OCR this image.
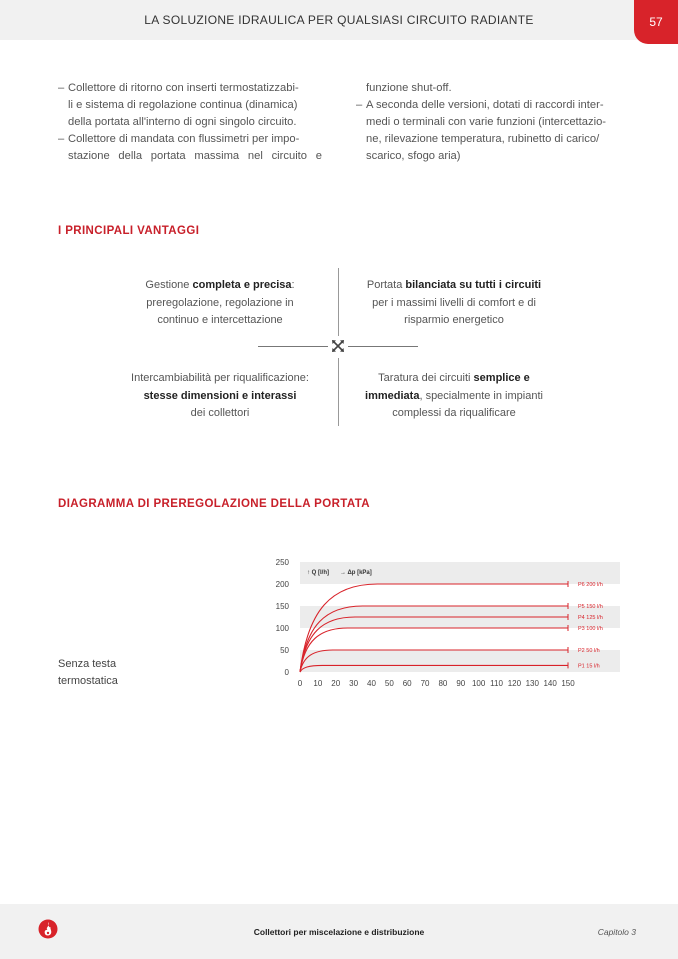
LA SOLUZIONE IDRAULICA PER QUALSIASI CIRCUITO RADIANTE	57
– Collettore di ritorno con inserti termostatizzabi-
li e sistema di regolazione continua (dinamica)
della portata all'interno di ogni singolo circuito.
– Collettore di mandata con flussimetri per impo-
stazione della portata massima nel circuito e
funzione shut-off.
– A seconda delle versioni, dotati di raccordi inter-
medi o terminali con varie funzioni (intercettazio-
ne, rilevazione temperatura, rubinetto di carico/
scarico, sfogo aria)
I PRINCIPALI VANTAGGI
Gestione completa e precisa:
preregolazione, regolazione in
continuo e intercettazione
Portata bilanciata su tutti i circuiti
per i massimi livelli di comfort e di
risparmio energetico
Intercambiabilità per riqualificazione:
stesse dimensioni e interassi
dei collettori
Taratura dei circuiti semplice e
immediata, specialmente in impianti
complessi da riqualificare
DIAGRAMMA DI PREREGOLAZIONE DELLA PORTATA
Senza testa
termostatica
0
50
100
150
200
250
0 10 20 30 40 50 60 70 80 90 100 110 120 130 140 150
↑ Q [l/h] → Δp [kPa]
P6 200 l/h
P5 150 l/h
P4 125 l/h
P3 100 l/h
P2 50 l/h
P1 15 l/h
Collettori per miscelazione e distribuzione	Capitolo 3
